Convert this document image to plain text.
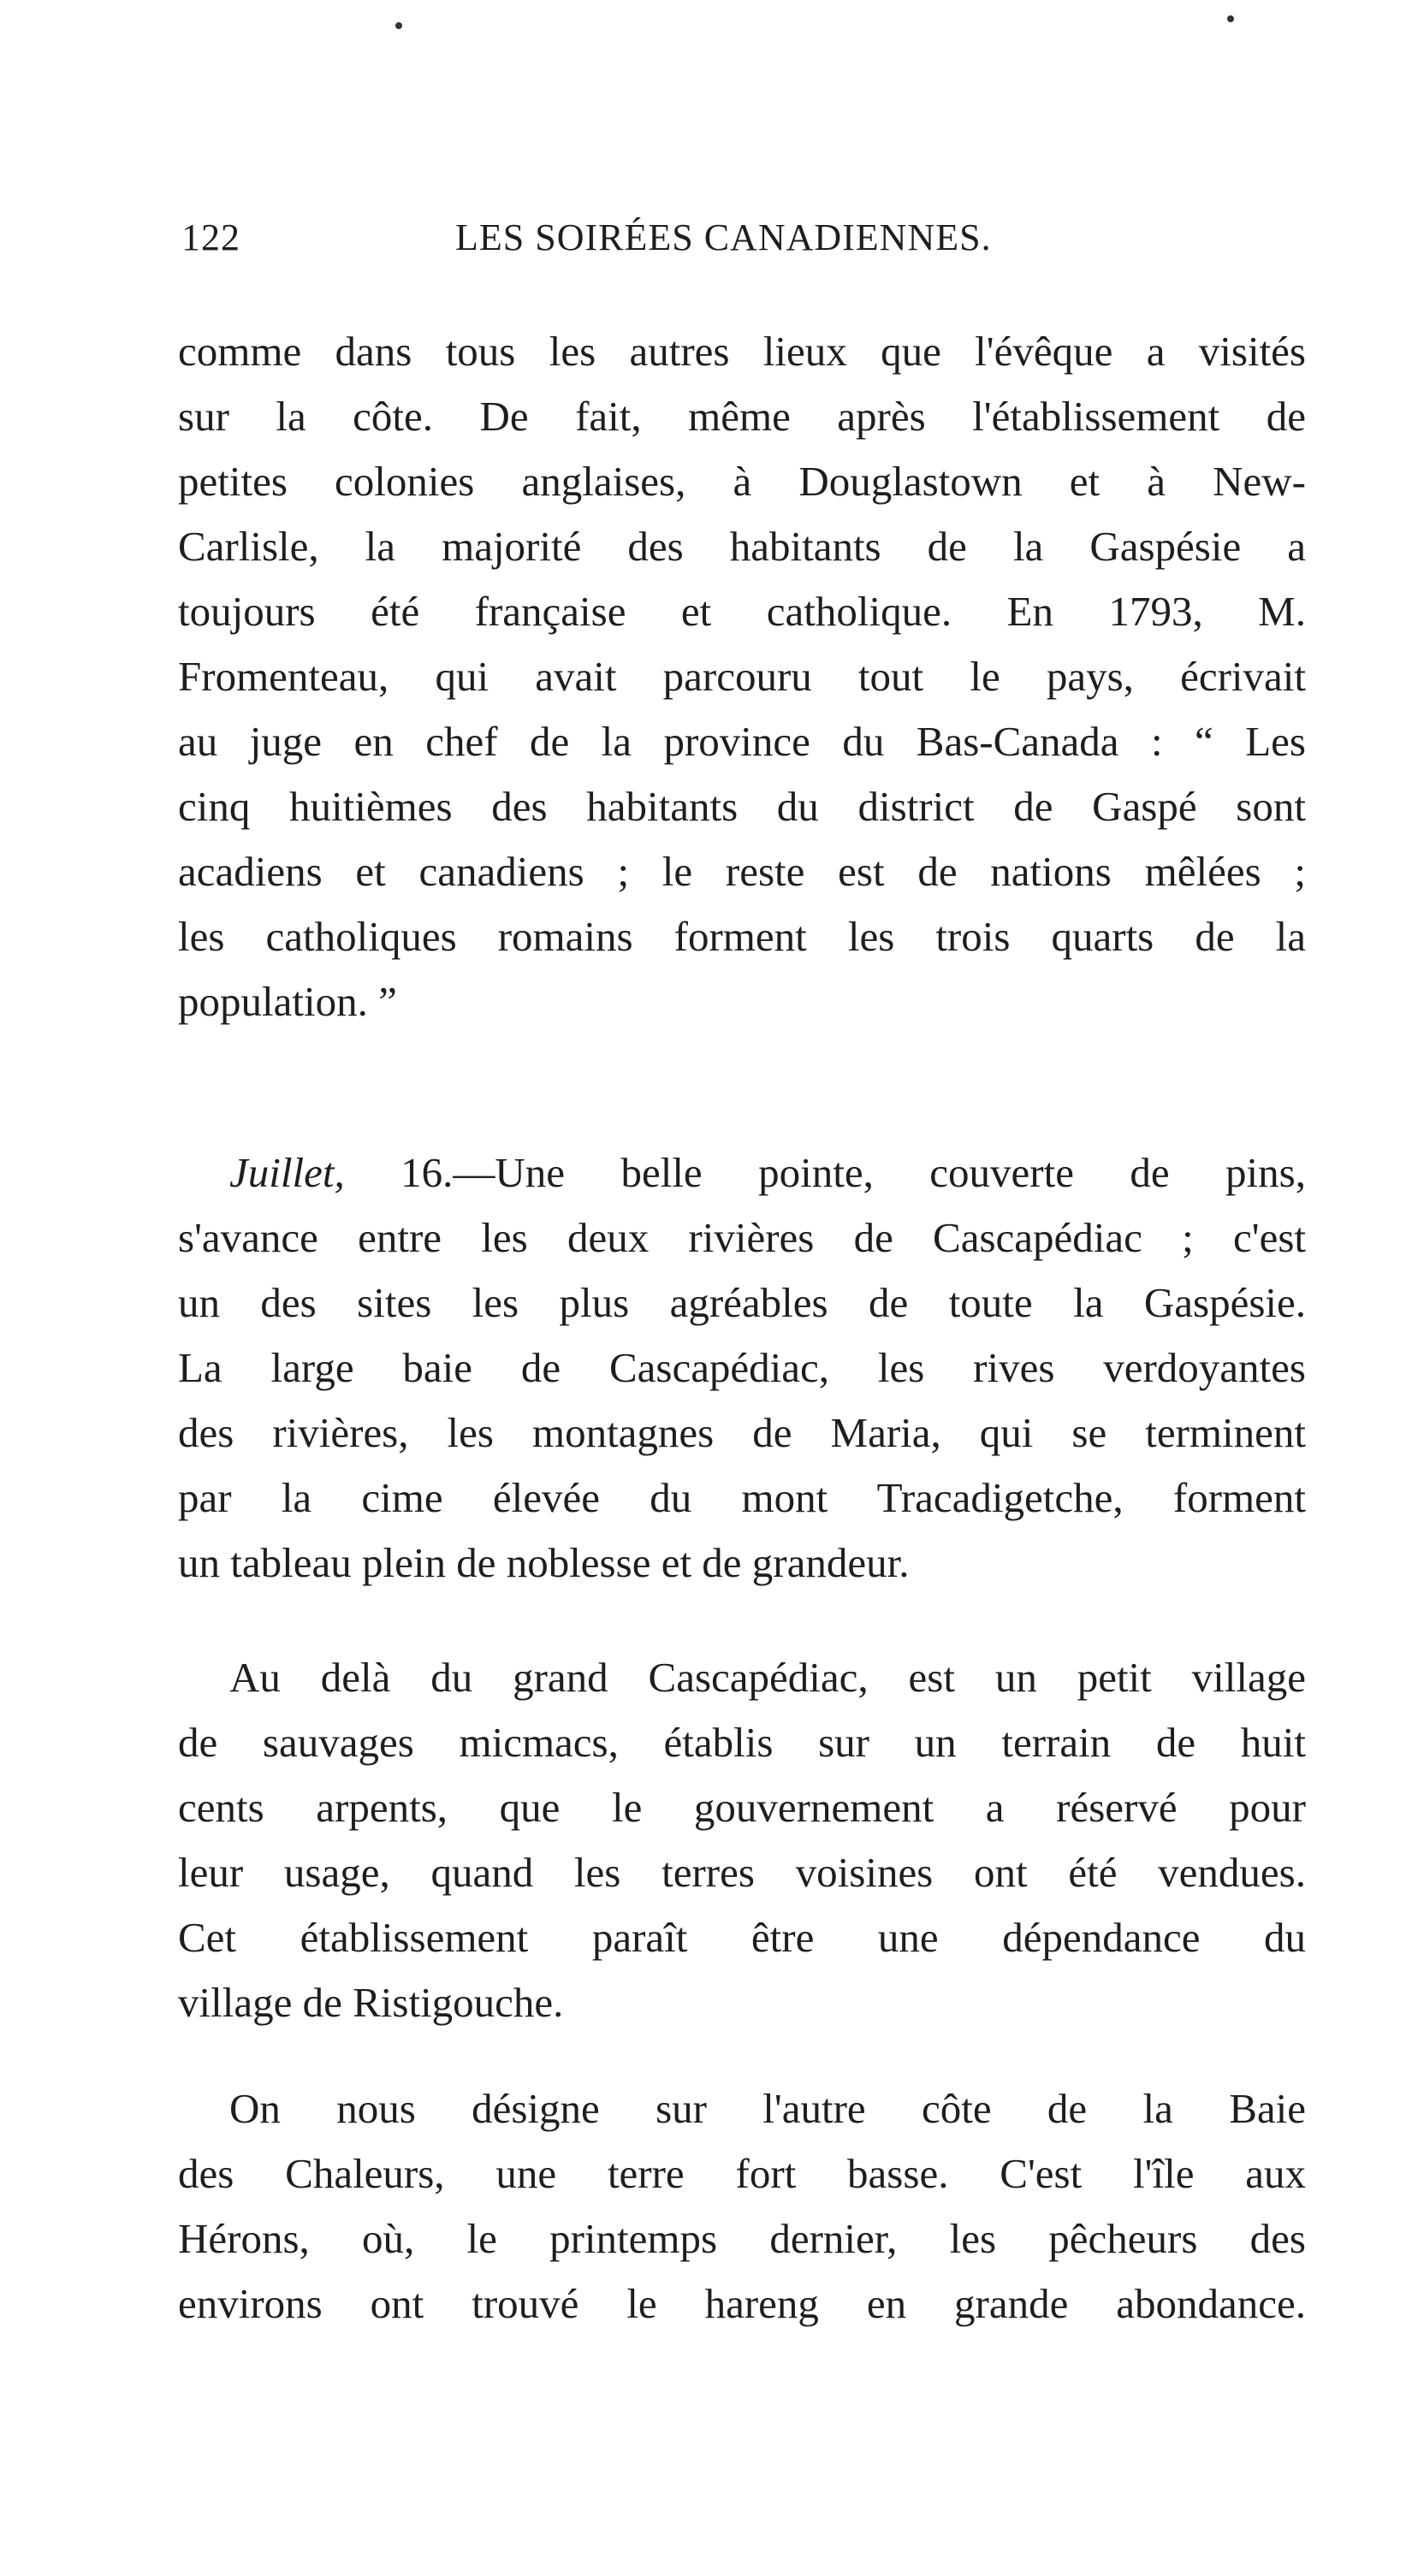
122	LES SOIRÉES CANADIENNES.
comme dans tous les autres lieux que l'évêque a visités
sur la côte. De fait, même après l'établissement de
petites colonies anglaises, à Douglastown et à New-
Carlisle, la majorité des habitants de la Gaspésie a
toujours été française et catholique. En 1793, M.
Fromenteau, qui avait parcouru tout le pays, écrivait
au juge en chef de la province du Bas-Canada : “ Les
cinq huitièmes des habitants du district de Gaspé sont
acadiens et canadiens ; le reste est de nations mêlées ;
les catholiques romains forment les trois quarts de la
population. ”
Juillet, 16.—Une belle pointe, couverte de pins,
s'avance entre les deux rivières de Cascapédiac ; c'est
un des sites les plus agréables de toute la Gaspésie.
La large baie de Cascapédiac, les rives verdoyantes
des rivières, les montagnes de Maria, qui se terminent
par la cime élevée du mont Tracadigetche, forment
un tableau plein de noblesse et de grandeur.
Au delà du grand Cascapédiac, est un petit village
de sauvages micmacs, établis sur un terrain de huit
cents arpents, que le gouvernement a réservé pour
leur usage, quand les terres voisines ont été vendues.
Cet établissement paraît être une dépendance du
village de Ristigouche.
On nous désigne sur l'autre côte de la Baie
des Chaleurs, une terre fort basse. C'est l'île aux
Hérons, où, le printemps dernier, les pêcheurs des
environs ont trouvé le hareng en grande abondance.
